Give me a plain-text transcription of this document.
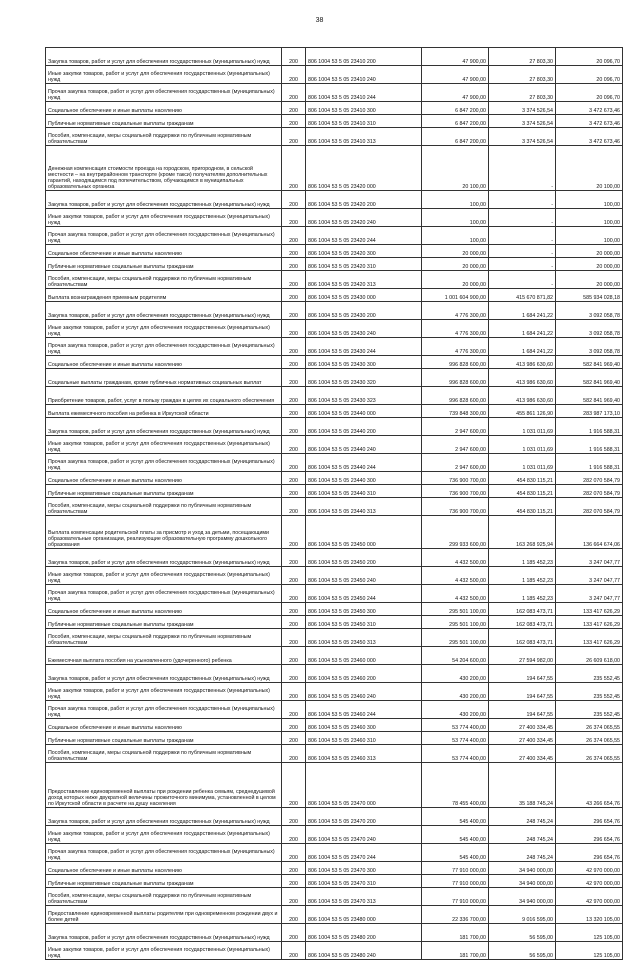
38
Закупка товаров, работ и услуг для обеспечения государственных (муниципальных) нужд	200	806 1004 53 5 05 23410 200	47 900,00	27 803,30	20 096,70
Иные закупки товаров, работ и услуг для обеспечения государственных (муниципальных) нужд	200	806 1004 53 5 05 23410 240	47 900,00	27 803,30	20 096,70
Прочая закупка товаров, работ и услуг для обеспечения государственных (муниципальных) нужд	200	806 1004 53 5 05 23410 244	47 900,00	27 803,30	20 096,70
Социальное обеспечение и иные выплаты населению	200	806 1004 53 5 05 23410 300	6 847 200,00	3 374 526,54	3 472 673,46
Публичные нормативные социальные выплаты гражданам	200	806 1004 53 5 05 23410 310	6 847 200,00	3 374 526,54	3 472 673,46
Пособия, компенсации, меры социальной поддержки по публичным нормативным обязательствам	200	806 1004 53 5 05 23410 313	6 847 200,00	3 374 526,54	3 472 673,46
Денежная компенсация стоимости проезда на городском, пригородном, в сельской местности – на внутрирайонном транспорте (кроме такси) получателям дополнительных гарантий, находящимся под попечительством, обучающимся в муниципальных образовательных организа	200	806 1004 53 5 05 23420 000	20 100,00	-	20 100,00
Закупка товаров, работ и услуг для обеспечения государственных (муниципальных) нужд	200	806 1004 53 5 05 23420 200	100,00	-	100,00
Иные закупки товаров, работ и услуг для обеспечения государственных (муниципальных) нужд	200	806 1004 53 5 05 23420 240	100,00	-	100,00
Прочая закупка товаров, работ и услуг для обеспечения государственных (муниципальных) нужд	200	806 1004 53 5 05 23420 244	100,00	-	100,00
Социальное обеспечение и иные выплаты населению	200	806 1004 53 5 05 23420 300	20 000,00	-	20 000,00
Публичные нормативные социальные выплаты гражданам	200	806 1004 53 5 05 23420 310	20 000,00	-	20 000,00
Пособия, компенсации, меры социальной поддержки по публичным нормативным обязательствам	200	806 1004 53 5 05 23420 313	20 000,00	-	20 000,00
Выплата вознаграждения приемным родителям	200	806 1004 53 5 05 23430 000	1 001 604 900,00	415 670 871,82	585 934 028,18
Закупка товаров, работ и услуг для обеспечения государственных (муниципальных) нужд	200	806 1004 53 5 05 23430 200	4 776 300,00	1 684 241,22	3 092 058,78
Иные закупки товаров, работ и услуг для обеспечения государственных (муниципальных) нужд	200	806 1004 53 5 05 23430 240	4 776 300,00	1 684 241,22	3 092 058,78
Прочая закупка товаров, работ и услуг для обеспечения государственных (муниципальных) нужд	200	806 1004 53 5 05 23430 244	4 776 300,00	1 684 241,22	3 092 058,78
Социальное обеспечение и иные выплаты населению	200	806 1004 53 5 05 23430 300	996 828 600,00	413 986 630,60	582 841 969,40
Социальные выплаты гражданам, кроме публичных нормативных социальных выплат	200	806 1004 53 5 05 23430 320	996 828 600,00	413 986 630,60	582 841 969,40
Приобретение товаров, работ, услуг в пользу граждан в целях их социального обеспечения	200	806 1004 53 5 05 23430 323	996 828 600,00	413 986 630,60	582 841 969,40
Выплата ежемесячного пособия на ребенка в Иркутской области	200	806 1004 53 5 05 23440 000	739 848 300,00	455 861 126,90	283 987 173,10
Закупка товаров, работ и услуг для обеспечения государственных (муниципальных) нужд	200	806 1004 53 5 05 23440 200	2 947 600,00	1 031 011,69	1 916 588,31
Иные закупки товаров, работ и услуг для обеспечения государственных (муниципальных) нужд	200	806 1004 53 5 05 23440 240	2 947 600,00	1 031 011,69	1 916 588,31
Прочая закупка товаров, работ и услуг для обеспечения государственных (муниципальных) нужд	200	806 1004 53 5 05 23440 244	2 947 600,00	1 031 011,69	1 916 588,31
Социальное обеспечение и иные выплаты населению	200	806 1004 53 5 05 23440 300	736 900 700,00	454 830 115,21	282 070 584,79
Публичные нормативные социальные выплаты гражданам	200	806 1004 53 5 05 23440 310	736 900 700,00	454 830 115,21	282 070 584,79
Пособия, компенсации, меры социальной поддержки по публичным нормативным обязательствам	200	806 1004 53 5 05 23440 313	736 900 700,00	454 830 115,21	282 070 584,79
Выплата компенсации родительской платы за присмотр и уход за детьми, посещающими образовательные организации, реализующие образовательную программу дошкольного образования	200	806 1004 53 5 05 23450 000	299 933 600,00	163 268 925,94	136 664 674,06
Закупка товаров, работ и услуг для обеспечения государственных (муниципальных) нужд	200	806 1004 53 5 05 23450 200	4 432 500,00	1 185 452,23	3 247 047,77
Иные закупки товаров, работ и услуг для обеспечения государственных (муниципальных) нужд	200	806 1004 53 5 05 23450 240	4 432 500,00	1 185 452,23	3 247 047,77
Прочая закупка товаров, работ и услуг для обеспечения государственных (муниципальных) нужд	200	806 1004 53 5 05 23450 244	4 432 500,00	1 185 452,23	3 247 047,77
Социальное обеспечение и иные выплаты населению	200	806 1004 53 5 05 23450 300	295 501 100,00	162 083 473,71	133 417 626,29
Публичные нормативные социальные выплаты гражданам	200	806 1004 53 5 05 23450 310	295 501 100,00	162 083 473,71	133 417 626,29
Пособия, компенсации, меры социальной поддержки по публичным нормативным обязательствам	200	806 1004 53 5 05 23450 313	295 501 100,00	162 083 473,71	133 417 626,29
Ежемесячная выплата пособия на усыновленного (удочеренного) ребенка	200	806 1004 53 5 05 23460 000	54 204 600,00	27 594 982,00	26 609 618,00
Закупка товаров, работ и услуг для обеспечения государственных (муниципальных) нужд	200	806 1004 53 5 05 23460 200	430 200,00	194 647,55	235 552,45
Иные закупки товаров, работ и услуг для обеспечения государственных (муниципальных) нужд	200	806 1004 53 5 05 23460 240	430 200,00	194 647,55	235 552,45
Прочая закупка товаров, работ и услуг для обеспечения государственных (муниципальных) нужд	200	806 1004 53 5 05 23460 244	430 200,00	194 647,55	235 552,45
Социальное обеспечение и иные выплаты населению	200	806 1004 53 5 05 23460 300	53 774 400,00	27 400 334,45	26 374 065,55
Публичные нормативные социальные выплаты гражданам	200	806 1004 53 5 05 23460 310	53 774 400,00	27 400 334,45	26 374 065,55
Пособия, компенсации, меры социальной поддержки по публичным нормативным обязательствам	200	806 1004 53 5 05 23460 313	53 774 400,00	27 400 334,45	26 374 065,55
Предоставление единовременной выплаты при рождении ребенка семьям, среднедушевой доход которых ниже двукратной величины прожиточного минимума, установленной в целом по Иркутской области в расчете на душу населения	200	806 1004 53 5 05 23470 000	78 455 400,00	35 188 745,24	43 266 654,76
Закупка товаров, работ и услуг для обеспечения государственных (муниципальных) нужд	200	806 1004 53 5 05 23470 200	545 400,00	248 745,24	296 654,76
Иные закупки товаров, работ и услуг для обеспечения государственных (муниципальных) нужд	200	806 1004 53 5 05 23470 240	545 400,00	248 745,24	296 654,76
Прочая закупка товаров, работ и услуг для обеспечения государственных (муниципальных) нужд	200	806 1004 53 5 05 23470 244	545 400,00	248 745,24	296 654,76
Социальное обеспечение и иные выплаты населению	200	806 1004 53 5 05 23470 300	77 910 000,00	34 940 000,00	42 970 000,00
Публичные нормативные социальные выплаты гражданам	200	806 1004 53 5 05 23470 310	77 910 000,00	34 940 000,00	42 970 000,00
Пособия, компенсации, меры социальной поддержки по публичным нормативным обязательствам	200	806 1004 53 5 05 23470 313	77 910 000,00	34 940 000,00	42 970 000,00
Предоставление единовременной выплаты родителям при одновременном рождении двух и более детей	200	806 1004 53 5 05 23480 000	22 336 700,00	9 016 595,00	13 320 105,00
Закупка товаров, работ и услуг для обеспечения государственных (муниципальных) нужд	200	806 1004 53 5 05 23480 200	181 700,00	56 595,00	125 105,00
Иные закупки товаров, работ и услуг для обеспечения государственных (муниципальных) нужд	200	806 1004 53 5 05 23480 240	181 700,00	56 595,00	125 105,00
